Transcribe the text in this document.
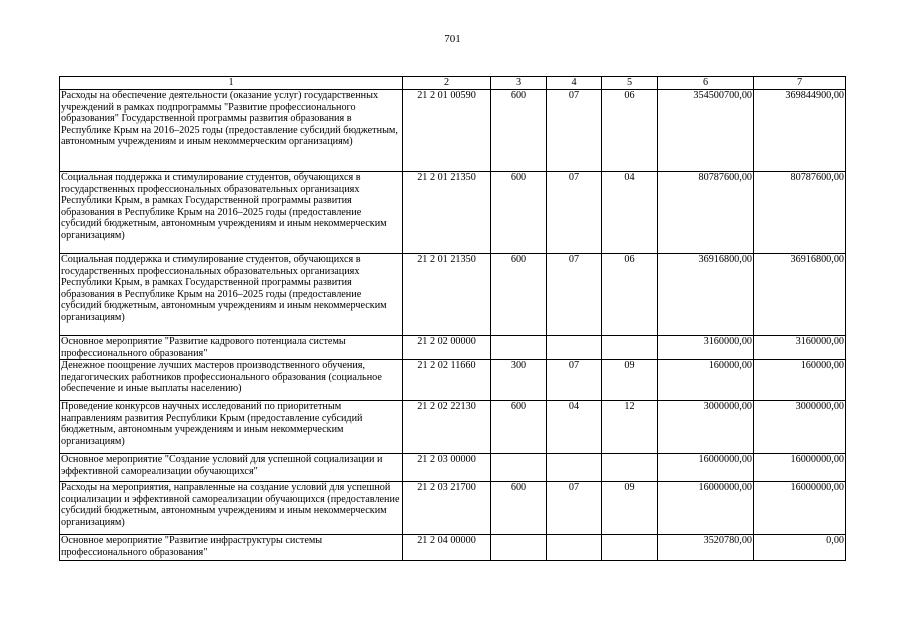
701
1	2	3	4	5	6	7
Расходы на обеспечение деятельности (оказание услуг) государственных учреждений в рамках подпрограммы "Развитие профессионального образования" Государственной программы развития образования в Республике Крым на 2016–2025 годы (предоставление субсидий бюджетным, автономным учреждениям и иным некоммерческим организациям)	21 2 01 00590	600	07	06	354500700,00	369844900,00
Социальная поддержка и стимулирование студентов, обучающихся в государственных профессиональных образовательных организациях Республики Крым, в рамках Государственной программы развития образования в Республике Крым на 2016–2025 годы (предоставление субсидий бюджетным, автономным учреждениям и иным некоммерческим организациям)	21 2 01 21350	600	07	04	80787600,00	80787600,00
Социальная поддержка и стимулирование студентов, обучающихся в государственных профессиональных образовательных организациях Республики Крым, в рамках Государственной программы развития образования в Республике Крым на 2016–2025 годы (предоставление субсидий бюджетным, автономным учреждениям и иным некоммерческим организациям)	21 2 01 21350	600	07	06	36916800,00	36916800,00
Основное мероприятие "Развитие кадрового потенциала системы профессионального образования"	21 2 02 00000				3160000,00	3160000,00
Денежное поощрение лучших мастеров производственного обучения, педагогических работников профессионального образования (социальное обеспечение и иные выплаты населению)	21 2 02 11660	300	07	09	160000,00	160000,00
Проведение конкурсов научных исследований по приоритетным направлениям развития Республики Крым (предоставление субсидий бюджетным, автономным учреждениям и иным некоммерческим организациям)	21 2 02 22130	600	04	12	3000000,00	3000000,00
Основное мероприятие "Создание условий для успешной социализации и эффективной самореализации обучающихся"	21 2 03 00000				16000000,00	16000000,00
Расходы на мероприятия, направленные на создание условий для успешной социализации и эффективной самореализации обучающихся (предоставление субсидий бюджетным, автономным учреждениям и иным некоммерческим организациям)	21 2 03 21700	600	07	09	16000000,00	16000000,00
Основное мероприятие "Развитие инфраструктуры системы профессионального образования"	21 2 04 00000				3520780,00	0,00
